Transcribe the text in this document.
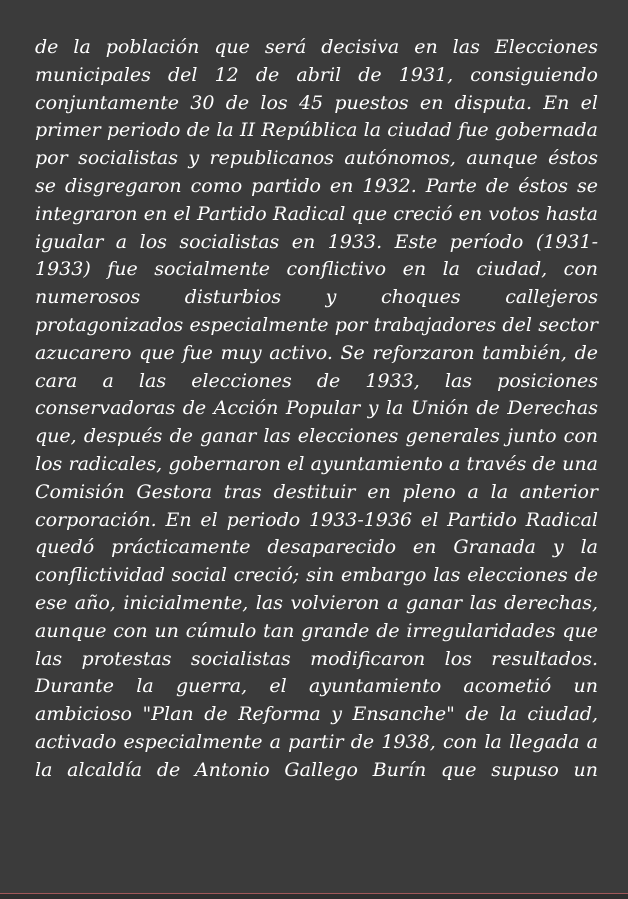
de la población que será decisiva en las Elecciones municipales del 12 de abril de 1931, consiguiendo conjuntamente 30 de los 45 puestos en disputa. En el primer periodo de la II República la ciudad fue gobernada por socialistas y republicanos autónomos, aunque éstos se disgregaron como partido en 1932. Parte de éstos se integraron en el Partido Radical que creció en votos hasta igualar a los socialistas en 1933. Este período (1931-1933) fue socialmente conflictivo en la ciudad, con numerosos disturbios y choques callejeros protagonizados especialmente por trabajadores del sector azucarero que fue muy activo. Se reforzaron también, de cara a las elecciones de 1933, las posiciones conservadoras de Acción Popular y la Unión de Derechas que, después de ganar las elecciones generales junto con los radicales, gobernaron el ayuntamiento a través de una Comisión Gestora tras destituir en pleno a la anterior corporación. En el periodo 1933-1936 el Partido Radical quedó prácticamente desaparecido en Granada y la conflictividad social creció; sin embargo las elecciones de ese año, inicialmente, las volvieron a ganar las derechas, aunque con un cúmulo tan grande de irregularidades que las protestas socialistas modificaron los resultados. Durante la guerra, el ayuntamiento acometió un ambicioso "Plan de Reforma y Ensanche" de la ciudad, activado especialmente a partir de 1938, con la llegada a la alcaldía de Antonio Gallego Burín que supuso un
